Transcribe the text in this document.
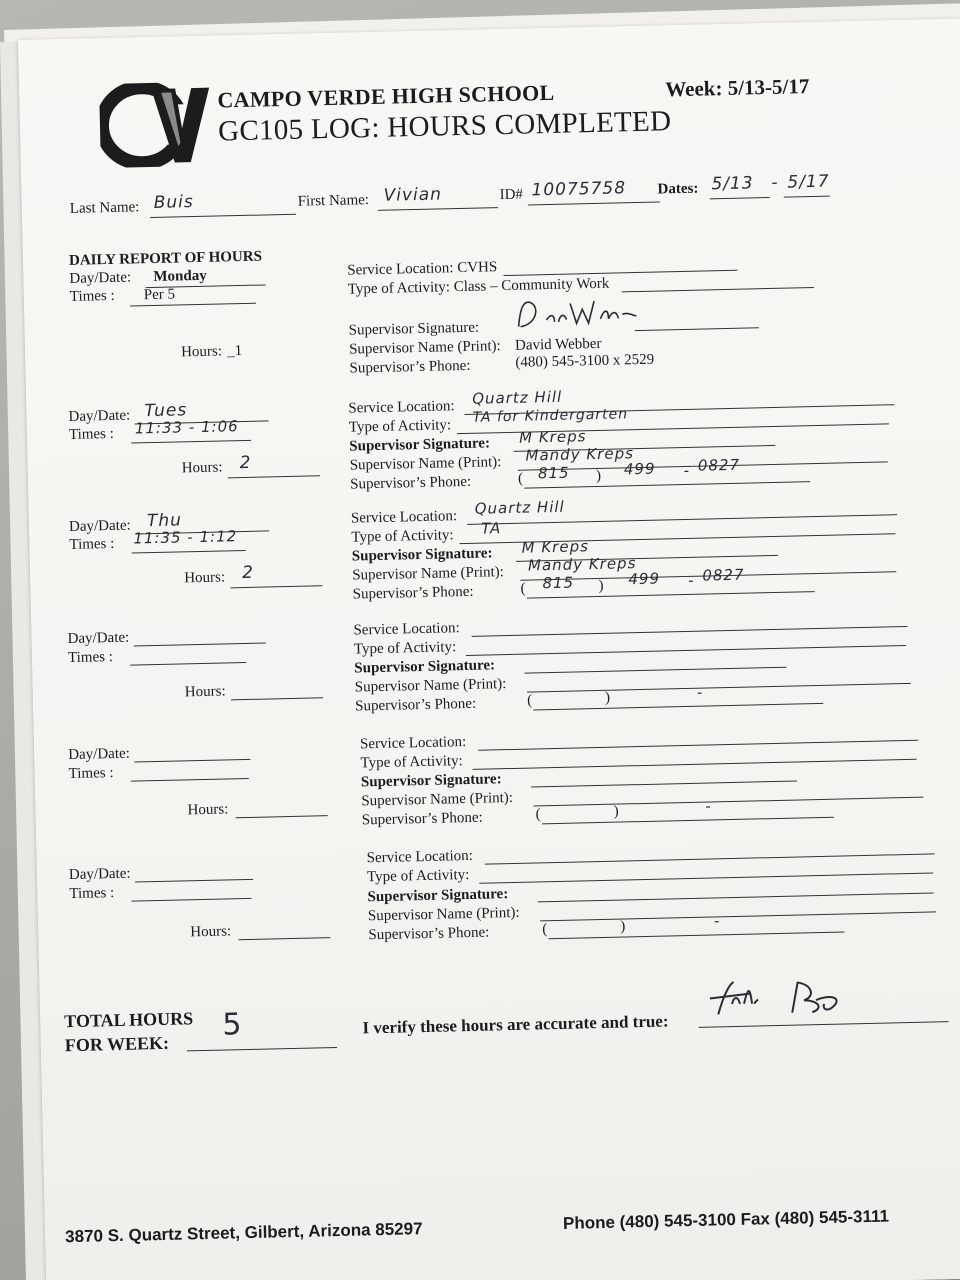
CAMPO VERDE HIGH SCHOOL	Week: 5/13-5/17
GC105 LOG: HOURS COMPLETED
Last Name: Buis	First Name: Vivian	ID# 10075758 Dates: 5/13 - 5/17
DAILY REPORT OF HOURS
Day/Date: Monday
Times : Per 5
Hours: _1
Service Location: CVHS
Type of Activity: Class – Community Work
Supervisor Signature:
Supervisor Name (Print): David Webber
Supervisor’s Phone:	(480) 545-3100 x 2529
Day/Date: Tues
Times : 11:33 - 1:06
Hours: 2
Service Location: Quartz Hill
Type of Activity:
TA for Kindergarten
Supervisor Signature: M Kreps
Supervisor Name (Print): Mandy Kreps
Supervisor’s Phone:	( 815 ) 499 - 0827
Day/Date: Thu
Times : 11:35 - 1:12
Hours: 2
Service Location: Quartz Hill
Type of Activity: TA
Supervisor Signature: M Kreps
Supervisor Name (Print): Mandy Kreps
Supervisor’s Phone:	( 815 ) 499 - 0827
Day/Date:
Times :
Hours:
Service Location:
Type of Activity:
Supervisor Signature:
Supervisor Name (Print):
Supervisor’s Phone:	(	)	-
Day/Date:
Times :
Hours:
Service Location:
Type of Activity:
Supervisor Signature:
Supervisor Name (Print):
Supervisor’s Phone:	(	)	-
Day/Date:
Times :
Hours:
Service Location:
Type of Activity:
Supervisor Signature:
Supervisor Name (Print):
Supervisor’s Phone:	(	)	-
TOTAL HOURS
FOR WEEK:
5	I verify these hours are accurate and true:
3870 S. Quartz Street, Gilbert, Arizona 85297	Phone (480) 545-3100 Fax (480) 545-3111
